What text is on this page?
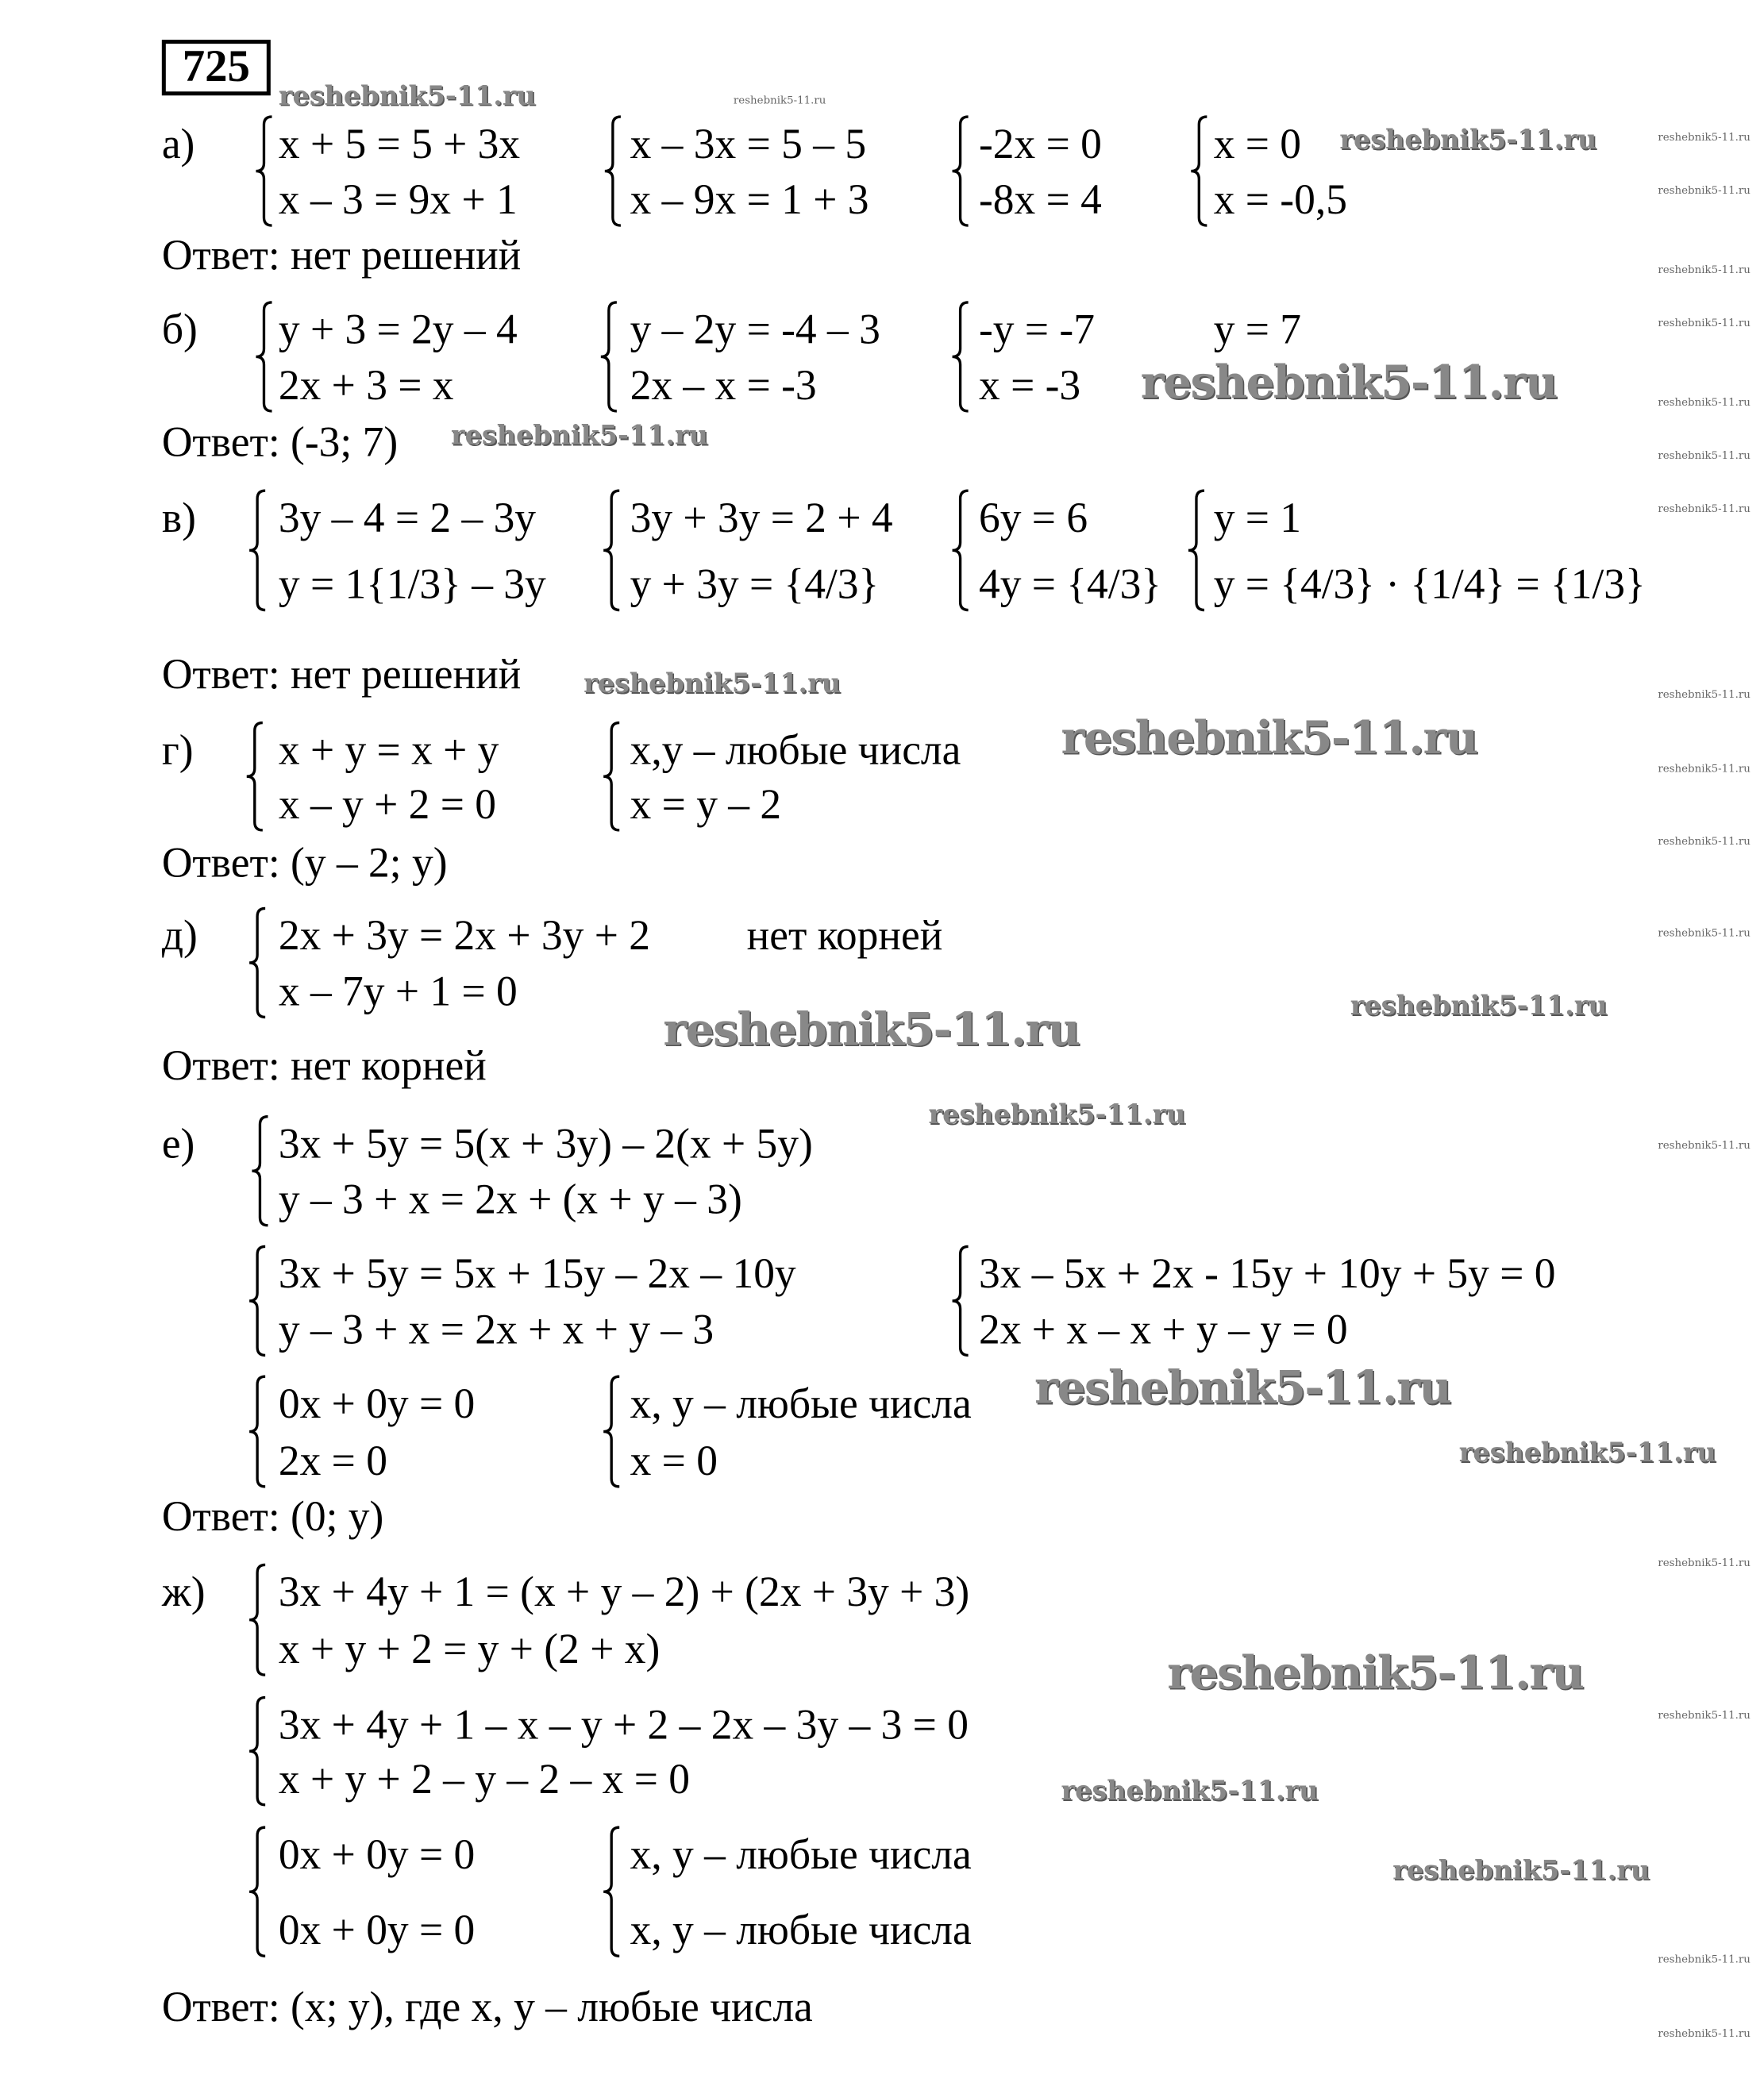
725
а)	x + 5 = 5 + 3x
x – 3 = 9x + 1
x – 3x = 5 – 5
x – 9x = 1 + 3
-2x = 0
-8x = 4
x = 0
x = -0,5
Ответ: нет решений
б)	y + 3 = 2y – 4
2x + 3 = x
y – 2y = -4 – 3
2x – x = -3
-y = -7
x = -3
y = 7
Ответ: (-3; 7)
в)	3y – 4 = 2 – 3y
y = 1{1/3} – 3y
3y + 3y = 2 + 4
y + 3y = {4/3}
6y = 6
4y = {4/3}
y = 1
y = {4/3} · {1/4} = {1/3}
Ответ: нет решений
г)	x + y = x + y
x – y + 2 = 0
x,y – любые числа
x = y – 2
Ответ: (y – 2; y)
д)	2x + 3y = 2x + 3y + 2
x – 7y + 1 = 0
нет корней
Ответ: нет корней
е)	3x + 5y = 5(x + 3y) – 2(x + 5y)
y – 3 + x = 2x + (x + y – 3)
3x + 5y = 5x + 15y – 2x – 10y
y – 3 + x = 2x + x + y – 3
3x – 5x + 2x - 15y + 10y + 5y = 0
2x + x – x + y – y = 0
0x + 0y = 0
2x = 0
x, y – любые числа
x = 0
Ответ: (0; y)
ж)	3x + 4y + 1 = (x + y – 2) + (2x + 3y + 3)
x + y + 2 = y + (2 + x)
3x + 4y + 1 – x – y + 2 – 2x – 3y – 3 = 0
x + y + 2 – y – 2 – x = 0
0x + 0y = 0
0x + 0y = 0
x, y – любые числа
x, y – любые числа
Ответ: (x; y), где x, y – любые числа
reshebnik5-11.ru	reshebnik5-11.ru
reshebnik5-11.ru
reshebnik5-11.ru
reshebnik5-11.ru
reshebnik5-11.ru
reshebnik5-11.ru
reshebnik5-11.ru	reshebnik5-11.ru
reshebnik5-11.ru
reshebnik5-11.ru
reshebnik5-11.ru
reshebnik5-11.ru
reshebnik5-11.ru
reshebnik5-11.ru
reshebnik5-11.ru
reshebnik5-11.ru
reshebnik5-11.ru
reshebnik5-11.ru
reshebnik5-11.ru
reshebnik5-11.ru
reshebnik5-11.ru
reshebnik5-11.ru
reshebnik5-11.ru
reshebnik5-11.ru
reshebnik5-11.ru
reshebnik5-11.ru
reshebnik5-11.ru
reshebnik5-11.ru
reshebnik5-11.ru
reshebnik5-11.ru
